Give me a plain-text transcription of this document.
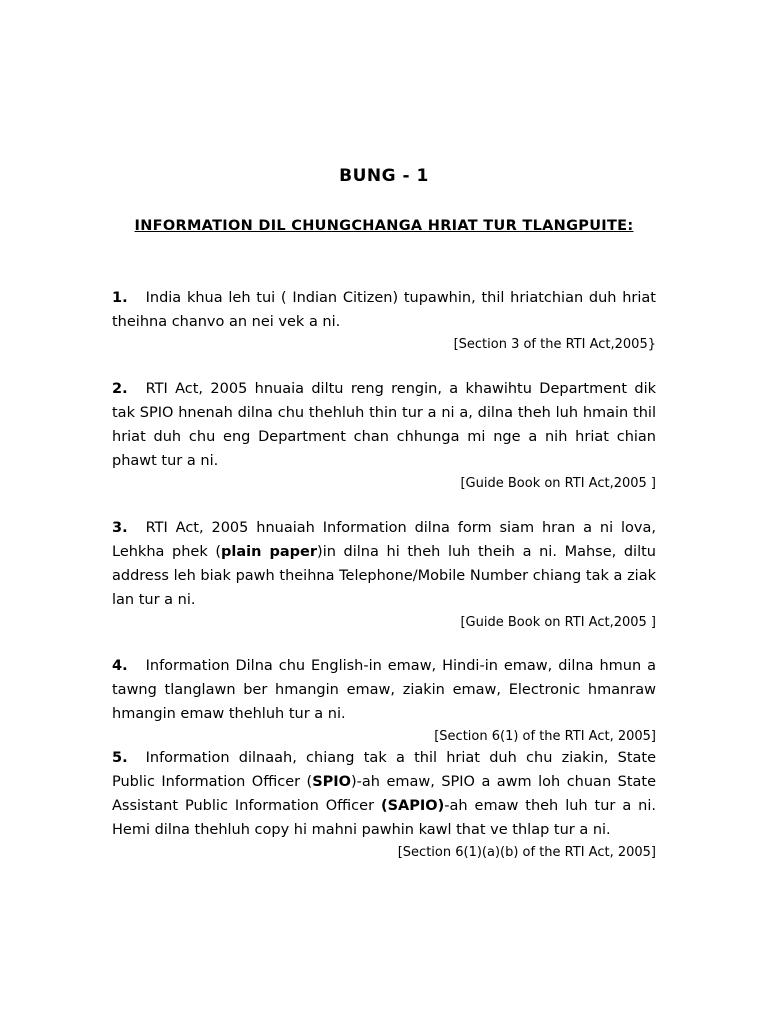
BUNG - 1
INFORMATION DIL CHUNGCHANGA HRIAT TUR TLANGPUITE:
1. India khua leh tui ( Indian Citizen) tupawhin, thil hriatchian duh hriat theihna chanvo an nei vek a ni.
[Section 3 of the RTI Act,2005}
2. RTI Act, 2005 hnuaia diltu reng rengin, a khawihtu Department dik tak SPIO hnenah dilna chu thehluh thin tur a ni a, dilna theh luh hmain thil hriat duh chu eng Department chan chhunga mi nge a nih hriat chian phawt tur a ni.
[Guide Book on RTI Act,2005 ]
3. RTI Act, 2005 hnuaiah Information dilna form siam hran a ni lova, Lehkha phek (plain paper)in dilna hi theh luh theih a ni. Mahse, diltu address leh biak pawh theihna Telephone/Mobile Number chiang tak a ziak lan tur a ni.
[Guide Book on RTI Act,2005 ]
4. Information Dilna chu English-in emaw, Hindi-in emaw, dilna hmun a tawng tlanglawn ber hmangin emaw, ziakin emaw, Electronic hmanraw hmangin emaw thehluh tur a ni.
[Section 6(1) of the RTI Act, 2005]
5. Information dilnaah, chiang tak a thil hriat duh chu ziakin, State Public Information Officer (SPIO)-ah emaw, SPIO a awm loh chuan State Assistant Public Information Officer (SAPIO)-ah emaw theh luh tur a ni. Hemi dilna thehluh copy hi mahni pawhin kawl that ve thlap tur a ni.
[Section 6(1)(a)(b) of the RTI Act, 2005]
